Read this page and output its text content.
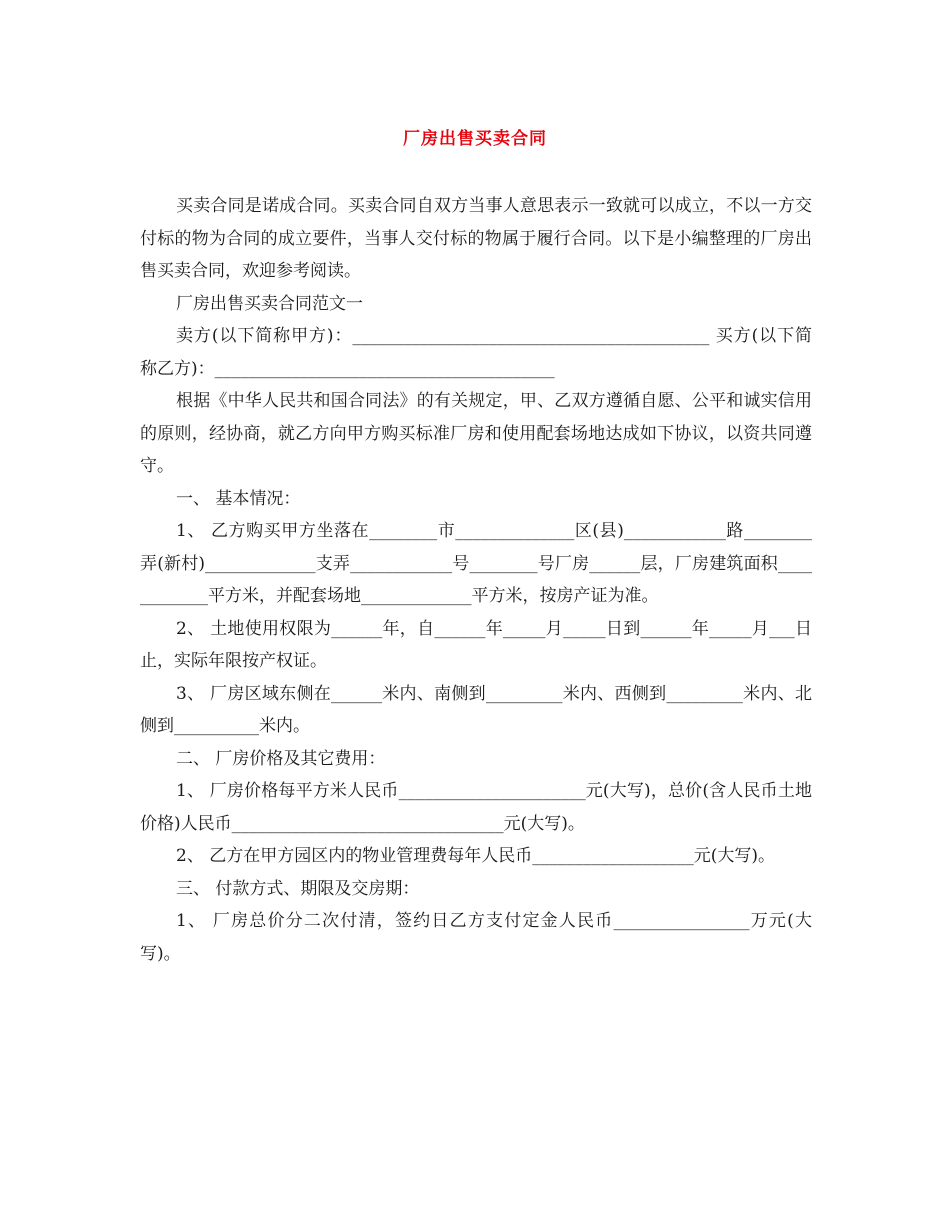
厂房出售买卖合同

买卖合同是诺成合同。买卖合同自双方当事人意思表示一致就可以成立，不以一方交付标的物为合同的成立要件，当事人交付标的物属于履行合同。以下是小编整理的厂房出售买卖合同，欢迎参考阅读。

厂房出售买卖合同范文一

卖方(以下简称甲方)：__________________________________________ 买方(以下简称乙方)：________________________________________

根据《中华人民共和国合同法》的有关规定，甲、乙双方遵循自愿、公平和诚实信用的原则，经协商，就乙方向甲方购买标准厂房和使用配套场地达成如下协议，以资共同遵守。

一、 基本情况：

1、 乙方购买甲方坐落在________市______________区(县)____________路________弄(新村)_____________支弄____________号________号厂房______层，厂房建筑面积____________平方米，并配套场地_____________平方米，按房产证为准。

2、 土地使用权限为______年，自______年_____月_____日到______年_____月___日止，实际年限按产权证。

3、 厂房区域东侧在______米内、南侧到_________米内、西侧到_________米内、北侧到__________米内。

二、 厂房价格及其它费用：

1、 厂房价格每平方米人民币______________________元(大写)，总价(含人民币土地价格)人民币________________________________元(大写)。

2、 乙方在甲方园区内的物业管理费每年人民币___________________元(大写)。

三、 付款方式、期限及交房期：

1、 厂房总价分二次付清，签约日乙方支付定金人民币________________万元(大写)。
